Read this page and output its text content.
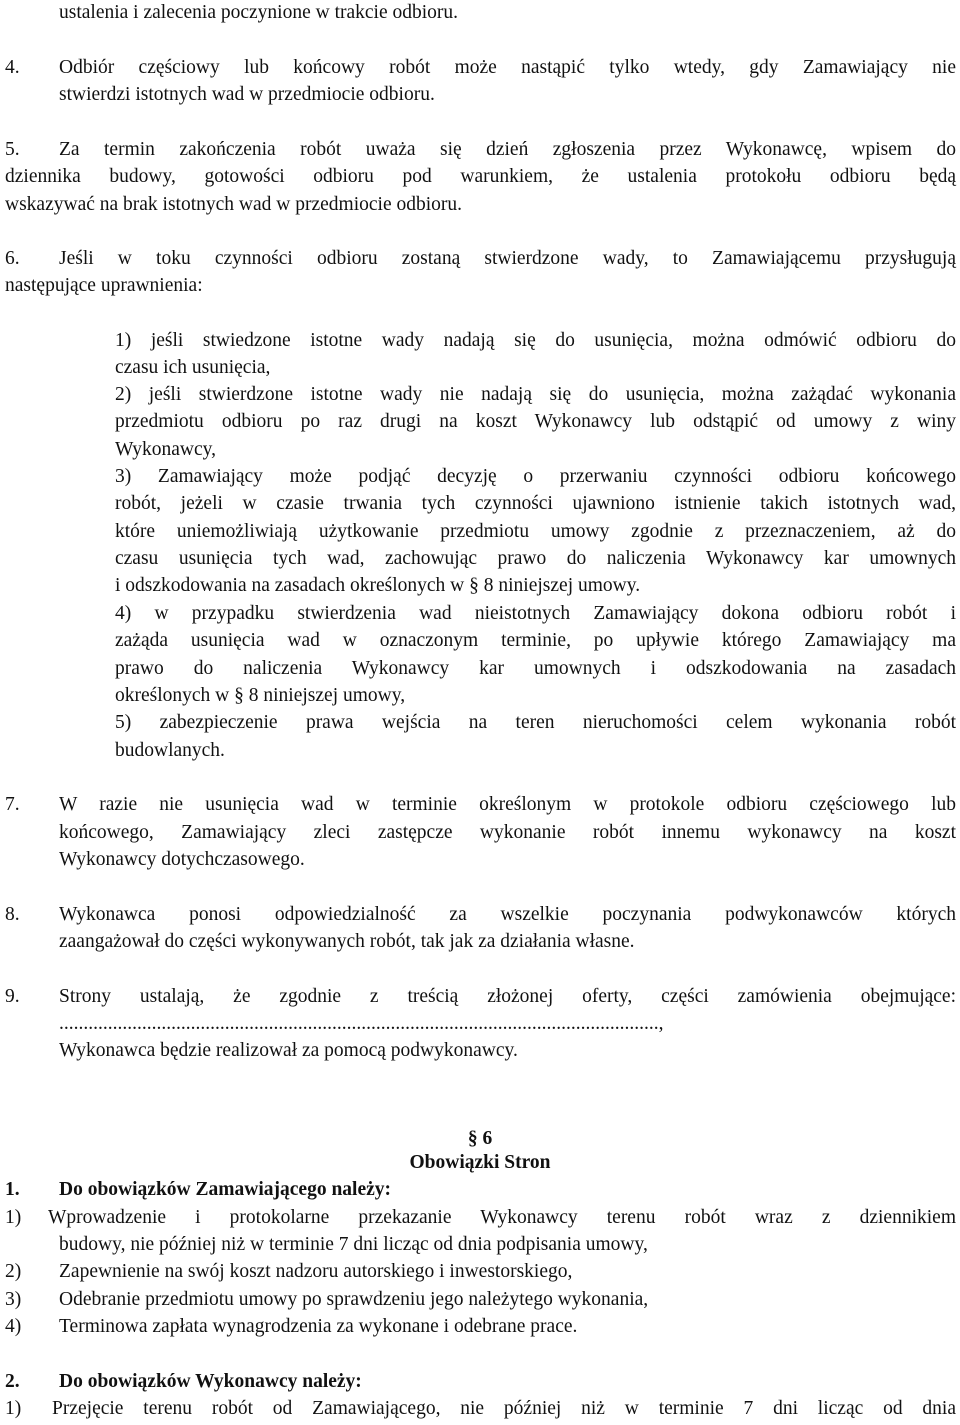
ustalenia i zalecenia poczynione w trakcie odbioru.
4. Odbiór częściowy lub końcowy robót może nastąpić tylko wtedy, gdy Zamawiający nie
stwierdzi istotnych wad w przedmiocie odbioru.
5. Za termin zakończenia robót uważa się dzień zgłoszenia przez Wykonawcę, wpisem do
dziennika budowy, gotowości odbioru pod warunkiem, że ustalenia protokołu odbioru będą
wskazywać na brak istotnych wad w przedmiocie odbioru.
6. Jeśli w toku czynności odbioru zostaną stwierdzone wady, to Zamawiającemu przysługują
następujące uprawnienia:
1) jeśli stwiedzone istotne wady nadają się do usunięcia, można odmówić odbioru do
czasu ich usunięcia,
2) jeśli stwierdzone istotne wady nie nadają się do usunięcia, można zażądać wykonania
przedmiotu odbioru po raz drugi na koszt Wykonawcy lub odstąpić od umowy z winy
Wykonawcy,
3) Zamawiający może podjąć decyzję o przerwaniu czynności odbioru końcowego
robót, jeżeli w czasie trwania tych czynności ujawniono istnienie takich istotnych wad,
które uniemożliwiają użytkowanie przedmiotu umowy zgodnie z przeznaczeniem, aż do
czasu usunięcia tych wad, zachowując prawo do naliczenia Wykonawcy kar umownych
i odszkodowania na zasadach określonych w § 8 niniejszej umowy.
4) w przypadku stwierdzenia wad nieistotnych Zamawiający dokona odbioru robót i
zażąda usunięcia wad w oznaczonym terminie, po upływie którego Zamawiający ma
prawo do naliczenia Wykonawcy kar umownych i odszkodowania na zasadach
określonych w § 8 niniejszej umowy,
5) zabezpieczenie prawa wejścia na teren nieruchomości celem wykonania robót
budowlanych.
7. W razie nie usunięcia wad w terminie określonym w protokole odbioru częściowego lub
końcowego, Zamawiający zleci zastępcze wykonanie robót innemu wykonawcy na koszt
Wykonawcy dotychczasowego.
8. Wykonawca ponosi odpowiedzialność za wszelkie poczynania podwykonawców których
zaangażował do części wykonywanych robót, tak jak za działania własne.
9. Strony ustalają, że zgodnie z treścią złożonej oferty, części zamówienia obejmujące:
...........................................................................................................................,
Wykonawca będzie realizował za pomocą podwykonawcy.
§ 6
Obowiązki Stron
1. Do obowiązków Zamawiającego należy:
1) Wprowadzenie i protokolarne przekazanie Wykonawcy terenu robót wraz z dziennikiem
budowy, nie później niż w terminie 7 dni licząc od dnia podpisania umowy,
2) Zapewnienie na swój koszt nadzoru autorskiego i inwestorskiego,
3) Odebranie przedmiotu umowy po sprawdzeniu jego należytego wykonania,
4) Terminowa zapłata wynagrodzenia za wykonane i odebrane prace.
2. Do obowiązków Wykonawcy należy:
1) Przejęcie terenu robót od Zamawiającego, nie później niż w terminie 7 dni licząc od dnia
